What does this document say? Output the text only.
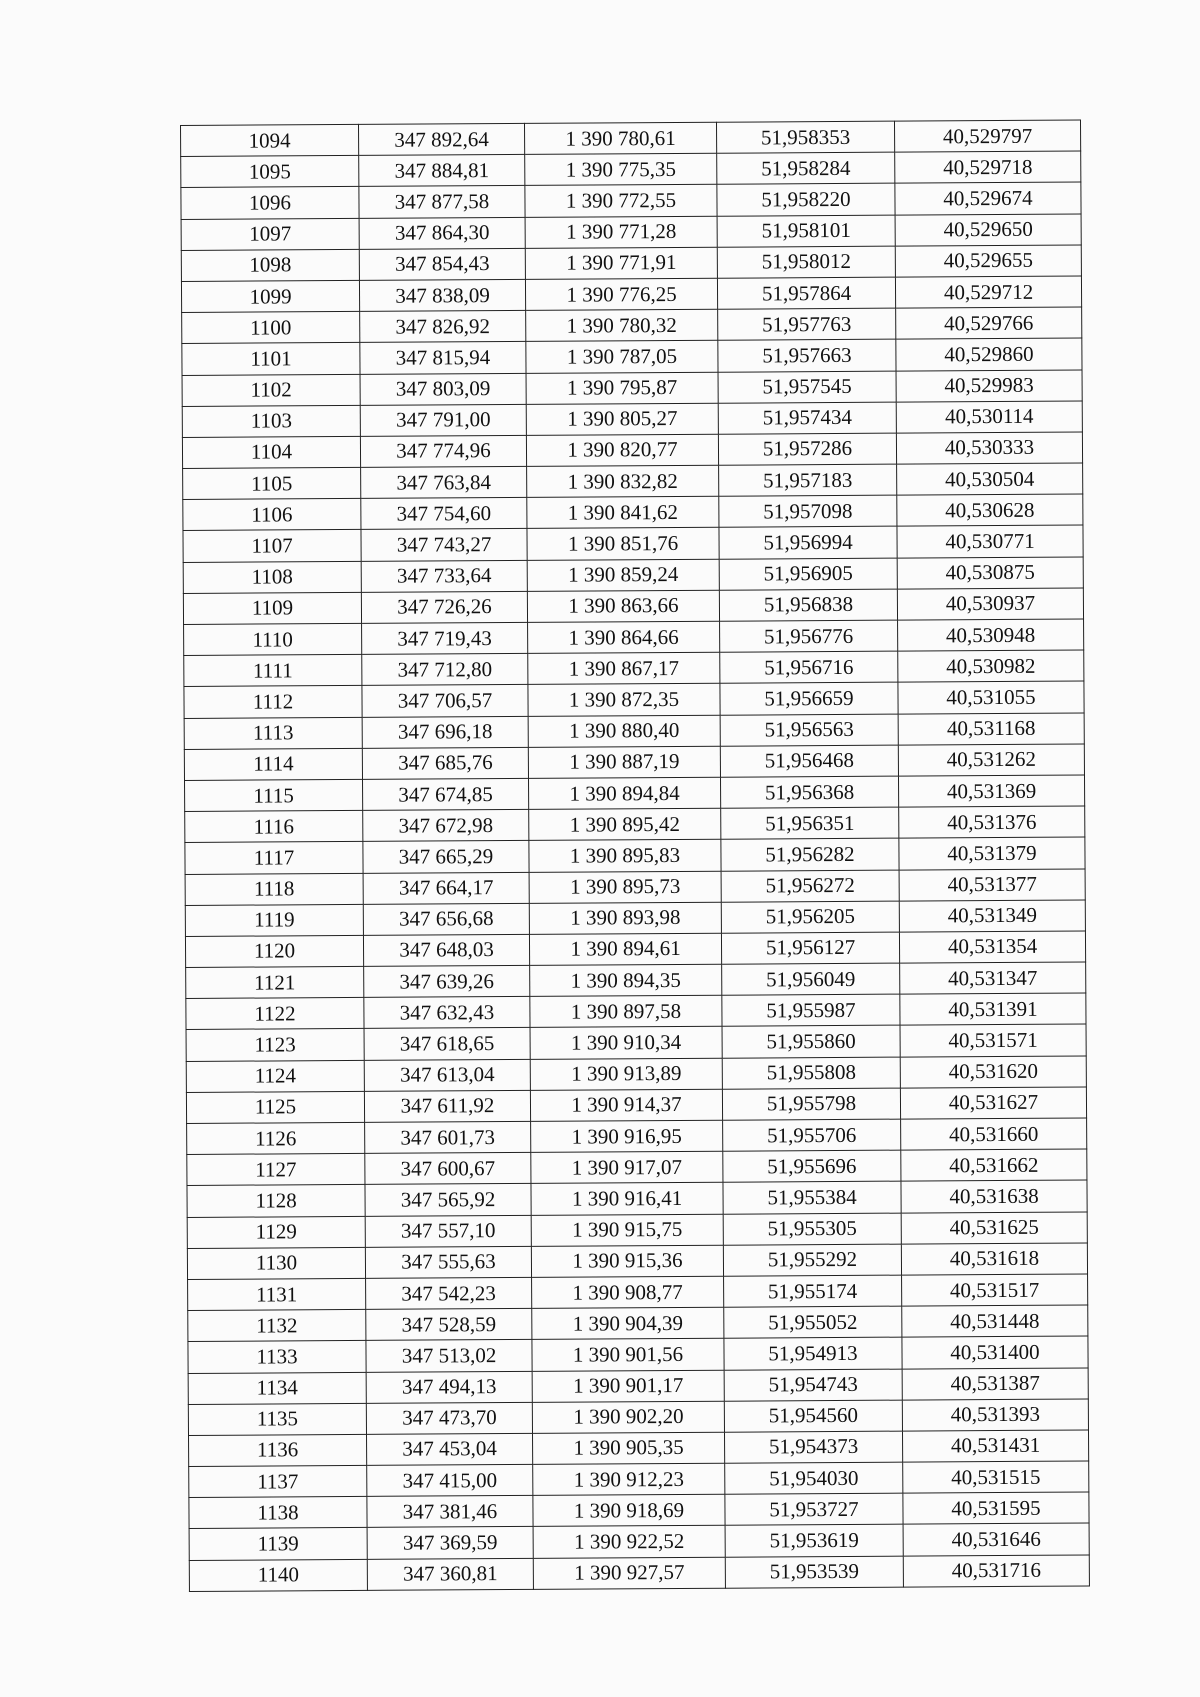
1094	347 892,64	1 390 780,61	51,958353	40,529797
1095	347 884,81	1 390 775,35	51,958284	40,529718
1096	347 877,58	1 390 772,55	51,958220	40,529674
1097	347 864,30	1 390 771,28	51,958101	40,529650
1098	347 854,43	1 390 771,91	51,958012	40,529655
1099	347 838,09	1 390 776,25	51,957864	40,529712
1100	347 826,92	1 390 780,32	51,957763	40,529766
1101	347 815,94	1 390 787,05	51,957663	40,529860
1102	347 803,09	1 390 795,87	51,957545	40,529983
1103	347 791,00	1 390 805,27	51,957434	40,530114
1104	347 774,96	1 390 820,77	51,957286	40,530333
1105	347 763,84	1 390 832,82	51,957183	40,530504
1106	347 754,60	1 390 841,62	51,957098	40,530628
1107	347 743,27	1 390 851,76	51,956994	40,530771
1108	347 733,64	1 390 859,24	51,956905	40,530875
1109	347 726,26	1 390 863,66	51,956838	40,530937
1110	347 719,43	1 390 864,66	51,956776	40,530948
1111	347 712,80	1 390 867,17	51,956716	40,530982
1112	347 706,57	1 390 872,35	51,956659	40,531055
1113	347 696,18	1 390 880,40	51,956563	40,531168
1114	347 685,76	1 390 887,19	51,956468	40,531262
1115	347 674,85	1 390 894,84	51,956368	40,531369
1116	347 672,98	1 390 895,42	51,956351	40,531376
1117	347 665,29	1 390 895,83	51,956282	40,531379
1118	347 664,17	1 390 895,73	51,956272	40,531377
1119	347 656,68	1 390 893,98	51,956205	40,531349
1120	347 648,03	1 390 894,61	51,956127	40,531354
1121	347 639,26	1 390 894,35	51,956049	40,531347
1122	347 632,43	1 390 897,58	51,955987	40,531391
1123	347 618,65	1 390 910,34	51,955860	40,531571
1124	347 613,04	1 390 913,89	51,955808	40,531620
1125	347 611,92	1 390 914,37	51,955798	40,531627
1126	347 601,73	1 390 916,95	51,955706	40,531660
1127	347 600,67	1 390 917,07	51,955696	40,531662
1128	347 565,92	1 390 916,41	51,955384	40,531638
1129	347 557,10	1 390 915,75	51,955305	40,531625
1130	347 555,63	1 390 915,36	51,955292	40,531618
1131	347 542,23	1 390 908,77	51,955174	40,531517
1132	347 528,59	1 390 904,39	51,955052	40,531448
1133	347 513,02	1 390 901,56	51,954913	40,531400
1134	347 494,13	1 390 901,17	51,954743	40,531387
1135	347 473,70	1 390 902,20	51,954560	40,531393
1136	347 453,04	1 390 905,35	51,954373	40,531431
1137	347 415,00	1 390 912,23	51,954030	40,531515
1138	347 381,46	1 390 918,69	51,953727	40,531595
1139	347 369,59	1 390 922,52	51,953619	40,531646
1140	347 360,81	1 390 927,57	51,953539	40,531716
